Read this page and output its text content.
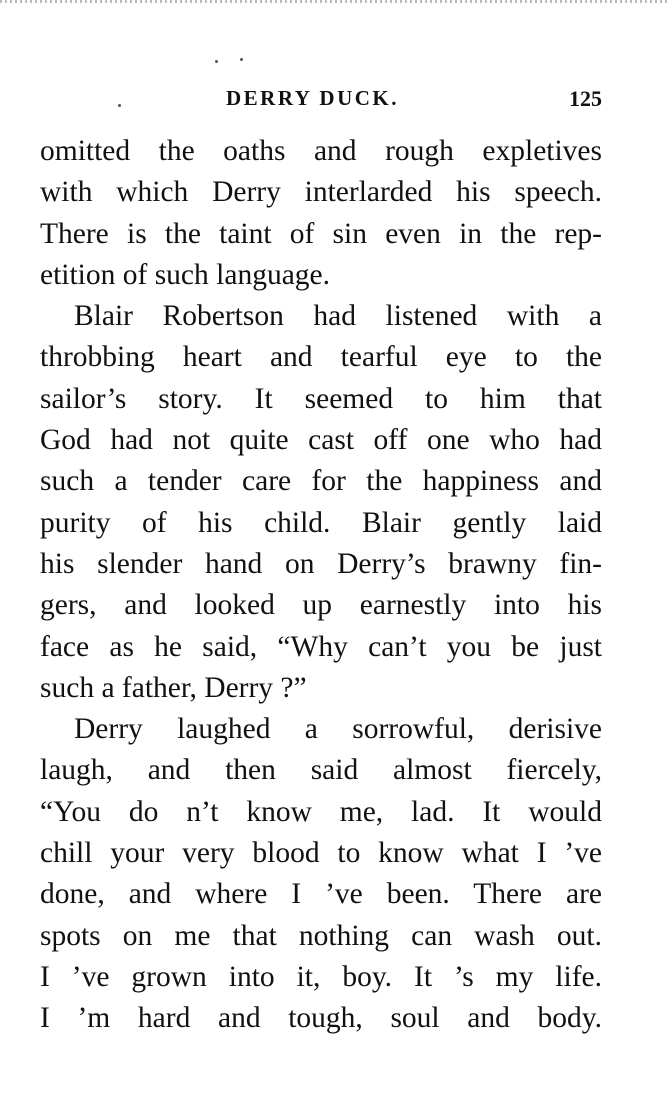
DERRY DUCK.	125
omitted the oaths and rough expletives
with which Derry interlarded his speech.
There is the taint of sin even in the rep-
etition of such language.
Blair Robertson had listened with a
throbbing heart and tearful eye to the
sailor’s story. It seemed to him that
God had not quite cast off one who had
such a tender care for the happiness and
purity of his child. Blair gently laid
his slender hand on Derry’s brawny fin-
gers, and looked up earnestly into his
face as he said, “Why can’t you be just
such a father, Derry ?”
Derry laughed a sorrowful, derisive
laugh, and then said almost fiercely,
“You do n’t know me, lad. It would
chill your very blood to know what I ’ve
done, and where I ’ve been. There are
spots on me that nothing can wash out.
I ’ve grown into it, boy. It ’s my life.
I ’m hard and tough, soul and body.
